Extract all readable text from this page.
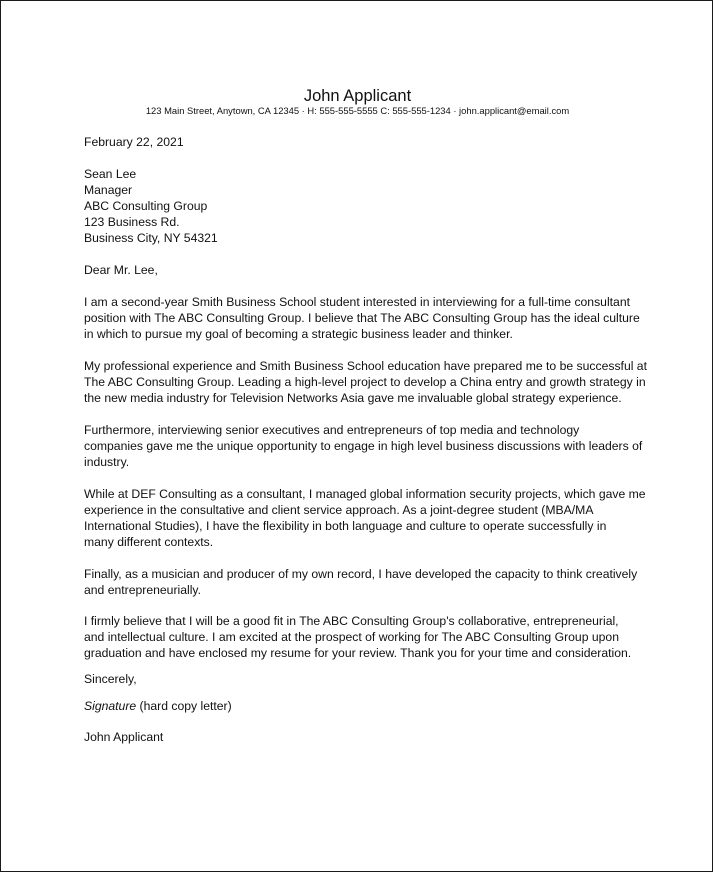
John Applicant
123 Main Street, Anytown, CA 12345 · H: 555-555-5555 C: 555-555-1234 · john.applicant@email.com
February 22, 2021
Sean Lee
Manager
ABC Consulting Group
123 Business Rd.
Business City, NY 54321
Dear Mr. Lee,
I am a second-year Smith Business School student interested in interviewing for a full-time consultant
position with The ABC Consulting Group. I believe that The ABC Consulting Group has the ideal culture
in which to pursue my goal of becoming a strategic business leader and thinker.
My professional experience and Smith Business School education have prepared me to be successful at
The ABC Consulting Group. Leading a high-level project to develop a China entry and growth strategy in
the new media industry for Television Networks Asia gave me invaluable global strategy experience.
Furthermore, interviewing senior executives and entrepreneurs of top media and technology
companies gave me the unique opportunity to engage in high level business discussions with leaders of
industry.
While at DEF Consulting as a consultant, I managed global information security projects, which gave me
experience in the consultative and client service approach. As a joint-degree student (MBA/MA
International Studies), I have the flexibility in both language and culture to operate successfully in
many different contexts.
Finally, as a musician and producer of my own record, I have developed the capacity to think creatively
and entrepreneurially.
I firmly believe that I will be a good fit in The ABC Consulting Group's collaborative, entrepreneurial,
and intellectual culture. I am excited at the prospect of working for The ABC Consulting Group upon
graduation and have enclosed my resume for your review. Thank you for your time and consideration.
Sincerely,
Signature (hard copy letter)
John Applicant
